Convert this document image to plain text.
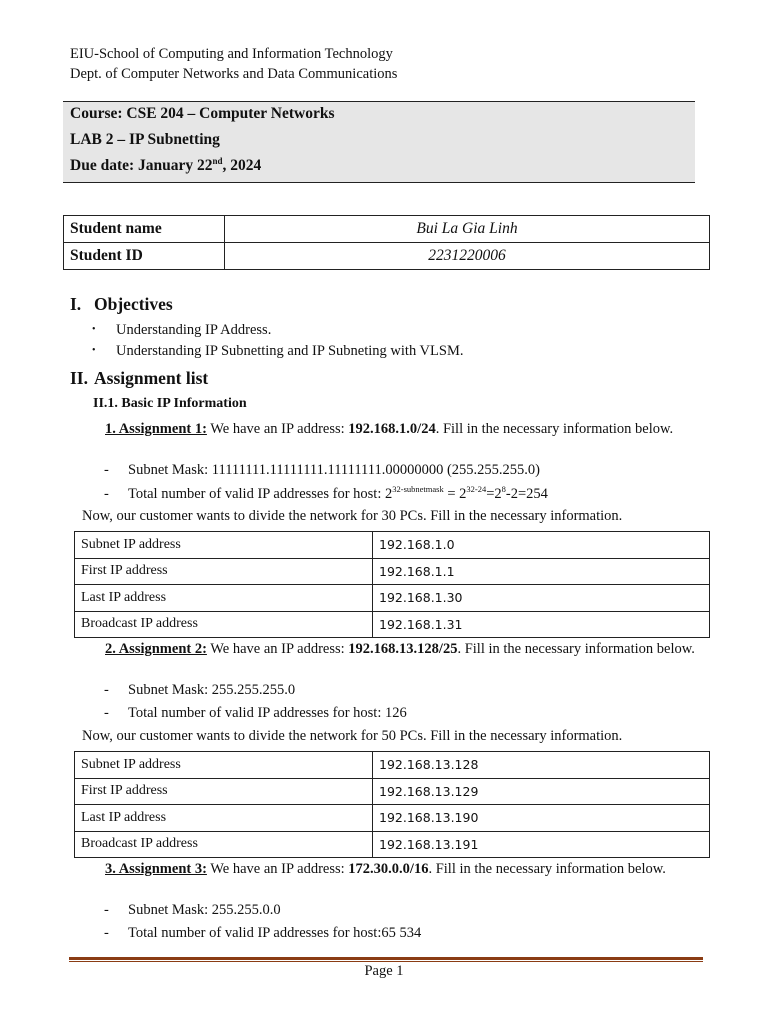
EIU-School of Computing and Information Technology
Dept. of Computer Networks and Data Communications
Course: CSE 204 – Computer Networks
LAB 2 – IP Subnetting
Due date: January 22nd, 2024
Student name	Bui La Gia Linh
Student ID	2231220006
I. Objectives
• Understanding IP Address.
• Understanding IP Subnetting and IP Subneting with VLSM.
II. Assignment list
II.1. Basic IP Information
1. Assignment 1: We have an IP address: 192.168.1.0/24. Fill in the necessary information below.
- Subnet Mask: 11111111.11111111.11111111.00000000 (255.255.255.0)
- Total number of valid IP addresses for host: $2^{32-subnetmask} = 2^{32-24}=2^8-2=254$
Now, our customer wants to divide the network for 30 PCs. Fill in the necessary information.
Subnet IP address	192.168.1.0
First IP address	192.168.1.1
Last IP address	192.168.1.30
Broadcast IP address	192.168.1.31
2. Assignment 2: We have an IP address: 192.168.13.128/25. Fill in the necessary information below.
- Subnet Mask: 255.255.255.0
- Total number of valid IP addresses for host: 126
Now, our customer wants to divide the network for 50 PCs. Fill in the necessary information.
Subnet IP address	192.168.13.128
First IP address	192.168.13.129
Last IP address	192.168.13.190
Broadcast IP address	192.168.13.191
3. Assignment 3: We have an IP address: 172.30.0.0/16. Fill in the necessary information below.
- Subnet Mask: 255.255.0.0
- Total number of valid IP addresses for host:65 534
Page 1
